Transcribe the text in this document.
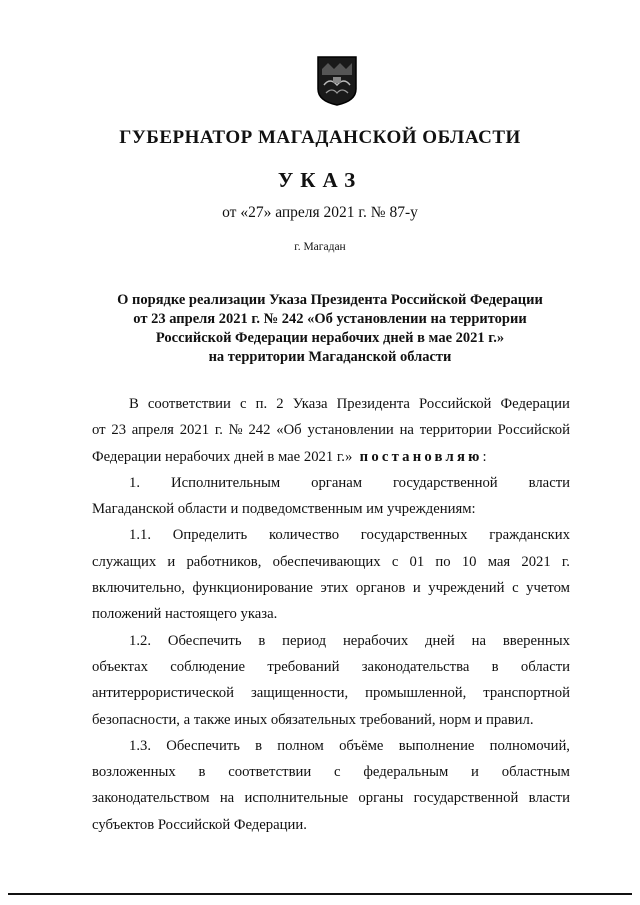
ГУБЕРНАТОР МАГАДАНСКОЙ ОБЛАСТИ
УКАЗ
от «27» апреля 2021 г. № 87-у
г. Магадан
О порядке реализации Указа Президента Российской Федерации
от 23 апреля 2021 г. № 242 «Об установлении на территории
Российской Федерации нерабочих дней в мае 2021 г.»
на территории Магаданской области
В соответствии с п. 2 Указа Президента Российской Федерации
от 23 апреля 2021 г. № 242 «Об установлении на территории Российской
Федерации нерабочих дней в мае 2021 г.»
постановляю :
1. Исполнительным органам государственной власти
Магаданской области и подведомственным им учреждениям:
1.1. Определить количество государственных гражданских
служащих и работников, обеспечивающих с 01 по 10 мая 2021 г.
включительно, функционирование этих органов и учреждений с учетом
положений настоящего указа.
1.2. Обеспечить в период нерабочих дней на вверенных
объектах соблюдение требований законодательства в области
антитеррористической защищенности, промышленной, транспортной
безопасности, а также иных обязательных требований, норм и правил.
1.3. Обеспечить в полном объёме выполнение полномочий,
возложенных в соответствии с федеральным и областным
законодательством на исполнительные органы государственной власти
субъектов Российской Федерации.
